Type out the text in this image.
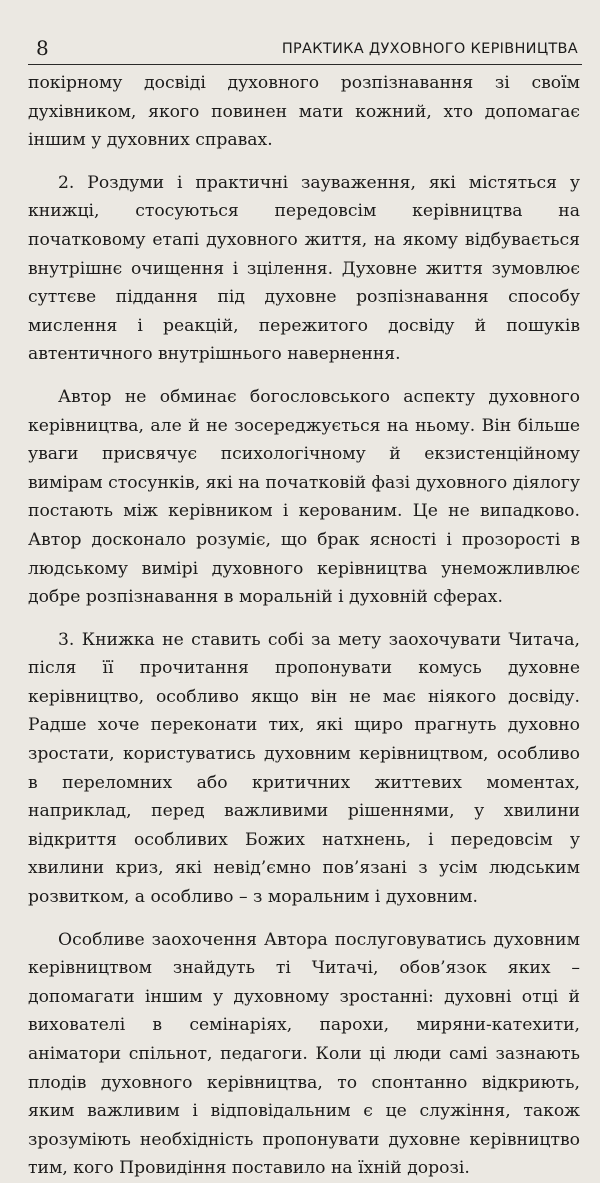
8	ПРАКТИКА ДУХОВНОГО КЕРІВНИЦТВА

покірному досвіді духовного розпізнавання зі своїм духівником, якого повинен мати кожний, хто допомагає іншим у духовних справах.

2. Роздуми і практичні зауваження, які містяться у книжці, стосуються передовсім керівництва на початковому етапі духовного життя, на якому відбувається внутрішнє очищення і зцілення. Духовне життя зумовлює суттєве піддання під духовне розпізнавання способу мислення і реакцій, пережитого досвіду й пошуків автентичного внутрішнього навернення.

Автор не обминає богословського аспекту духовного керівництва, але й не зосереджується на ньому. Він більше уваги присвячує психологічному й екзистенційному вимірам стосунків, які на початковій фазі духовного діялогу постають між керівником і керованим. Це не випадково. Автор досконало розуміє, що брак ясності і прозорості в людському вимірі духовного керівництва унеможливлює добре розпізнавання в моральній і духовній сферах.

3. Книжка не ставить собі за мету заохочувати Читача, після її прочитання пропонувати комусь духовне керівництво, особливо якщо він не має ніякого досвіду. Радше хоче переконати тих, які щиро прагнуть духовно зростати, користуватись духовним керівництвом, особливо в переломних або критичних життевих моментах, наприклад, перед важливими рішеннями, у хвилини відкриття особливих Божих натхнень, і передовсім у хвилини криз, які невід’ємно пов’язані з усім людським розвитком, а особливо – з моральним і духовним.

Особливе заохочення Автора послуговуватись духовним керівництвом знайдуть ті Читачі, обов’язок яких – допомагати іншим у духовному зростанні: духовні отці й вихователі в семінаріях, парохи, миряни-катехити, аніматори спільнот, педагоги. Коли ці люди самі зазнають плодів духовного керівництва, то спонтанно відкриють, яким важливим і відповідальним є це служіння, також зрозуміють необхідність пропонувати духовне керівництво тим, кого Провидіння поставило на їхній дорозі.
